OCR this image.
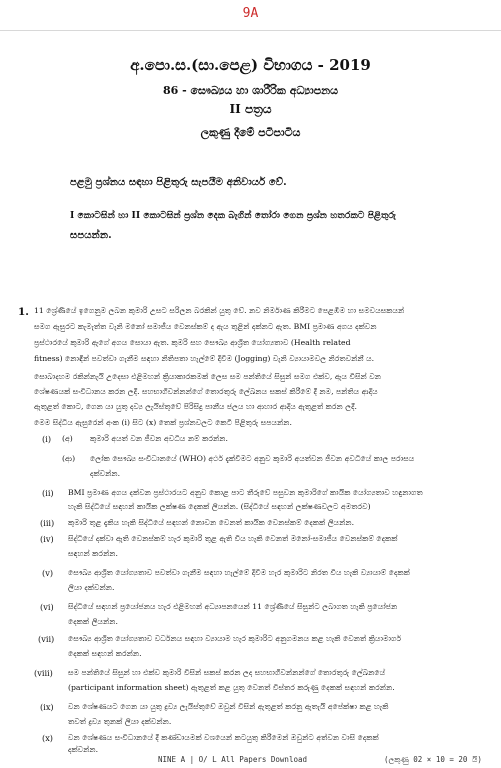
9A
අ.පො.ස.(සා.පෙළ) විභාගය - 2019
86 - සෞඛ්‍යය හා ශාරීරික අධ්‍යාපනය
II පත්‍රය
ලකුණු දීමේ පටිපාටිය
පළමු ප්‍රශ්නය සඳහා පිළිතුරු සැපයීම අනිවාර්ය වේ.
I කොටසින් හා II කොටසින් ප්‍රශ්න දෙක බැගින් තෝරා ගෙන ප්‍රශ්න හතරකට පිළිතුරු
සපයන්න.
1. 11 ශ්‍රේණියේ ඉගෙනුම ලබන කුමාරි උසට සරිලන බරකින් යුතු වේ. නව නිර්මාණ කිරීමට පෙළඹීම හා සමවයසකයන්
සමග ඇසුරට කැමැත්ත වැනි මනෝ සමාජීය වෙනස්කම් ද ඇය තුළින් දක්නට ඇත. BMI ප්‍රමාණ අගය දක්වන
ප්‍රස්ථාරයේ කුමාරි ඇගේ අගය සොයා ඇත. කුමරි සහ සෞඛ්‍ය ආශ්‍රිත යෝග්‍යතාව (Health related
fitness) නොඳින් පවත්වා ගැනීම සඳහා නිතිපතා හැල්මේ දිවීම (Jogging) වැනි ව්‍යායාමවල නිරතවන්නී ය.
සොබාදහම රකින්නැයි උදෙසා එළිමහන් ක්‍රියාකාරකමක් ලෙස සම පන්තියේ සිසුන් සමග එක්ව, ඇය විසින් වන
ශේෂණයක් සංවිධානය කරන ලදී. සහභාගිවන්නන්ගේ තොරතුරු ලේඛනය සකස් කිරීමේ දී නම, පන්තිය ආදිය
ඇතුළත් කොට, ගෙන යා යුතු දව්‍ය ලැයිස්තුවේ පිරිසිදු පානීය ජලය හා ආහාර ආදිය ඇතුළත් කරන ලදී.
මෙම සිද්ධිය ඇසුරෙන් අංක (i) සිට (x) තෙක් ප්‍රශ්නවලට කෙටි පිළිතුරු සපයන්න.
(i) (අ) කුමාරි අයත් වන ජීවන අවධිය නම් කරන්න.
(ආ) ලෝක සෞඛ්‍ය සංවිධානයේ (WHO) අර්ථ දැක්වීමට අනුව කුමාරි අයත්වන ජීවන අවධියේ කාල පරාසය
දක්වන්න.
(ii) BMI ප්‍රමාණ අගය දක්වන ප්‍රස්ථාරයට අනුව කොළ පාට තීරුවේ පසුවන කුමාරිගේ කායික යෝග්‍යතාව හඳුනාගත
හැකි සිද්ධියේ සඳහන් කායික ලක්ෂණ දෙකක් ලියන්න. (සිද්ධියේ සඳහන් ලක්ෂණවලට අමතරව)
(iii) කුමාරි තුළ දැකිය හැකි සිද්ධියේ සඳහන් නොවන වෙනත් කායික වෙනස්කම් දෙකක් ලියන්න.
(iv) සිද්ධියේ දක්වා ඇති වෙනස්කම් හැර කුමාරි තුළ ඇති විය හැකි වෙනත් මනෝ-සමාජීය වෙනස්කම් දෙකක්
සඳහන් කරන්න.
(v) සෞඛ්‍ය ආශ්‍රිත යෝග්‍යතාව පවත්වා ගැනීම සඳහා හැල්මේ දිවීම හැර කුමාරිට නිරත විය හැකි ව්‍යායාම් දෙකක්
ලියා දක්වන්න.
(vi) සිද්ධියේ සඳහන් ප්‍රයෝජනය හැර එළිමහන් අධ්‍යාපනයෙන් 11 ශ්‍රේණියේ සිසුන්ට ලබාගත හැකි ප්‍රයෝජන
දෙකක් ලියන්න.
(vii) සෞඛ්‍ය ආශ්‍රිත යෝග්‍යතාව වර්ධනය සඳහා ව්‍යායාම හැර කුමාරිට අනුගමනය කළ හැකි වෙනත් ක්‍රියාමාර්ග
දෙකක් සඳහන් කරන්න.
(viii) සම පන්තියේ සිසුන් හා එක්ව කුමාරි විසින් සකස් කරන ලද සහභාගිවන්නන්ගේ තොරතුරු ලේඛනයේ
(participant information sheet) ඇතුළත් කළ යුතු වෙනත් විස්තර කරුණු දෙකක් සඳහන් කරන්න.
(ix) වන ශේෂණයට ගෙන යා යුතු ද්‍රව්‍ය ලැයිස්තුවේ ඔවුන් විසින් ඇතුළත් කරනු ඇතැයි අපේක්ෂා කළ හැකි
තවත් ද්‍රව්‍ය තුනක් ලියා දක්වන්න.
(x) වන ශේෂණය සංවිධානයේ දී කණ්ඩායමක් වශයෙන් කටයුතු කිරීමෙන් ඔවුන්ට අත්වන වාසි දෙකක්
දක්වන්න.
NINE A | O/ L All Papers Download	(ලකුණු 02 × 10 = 20 යි)
